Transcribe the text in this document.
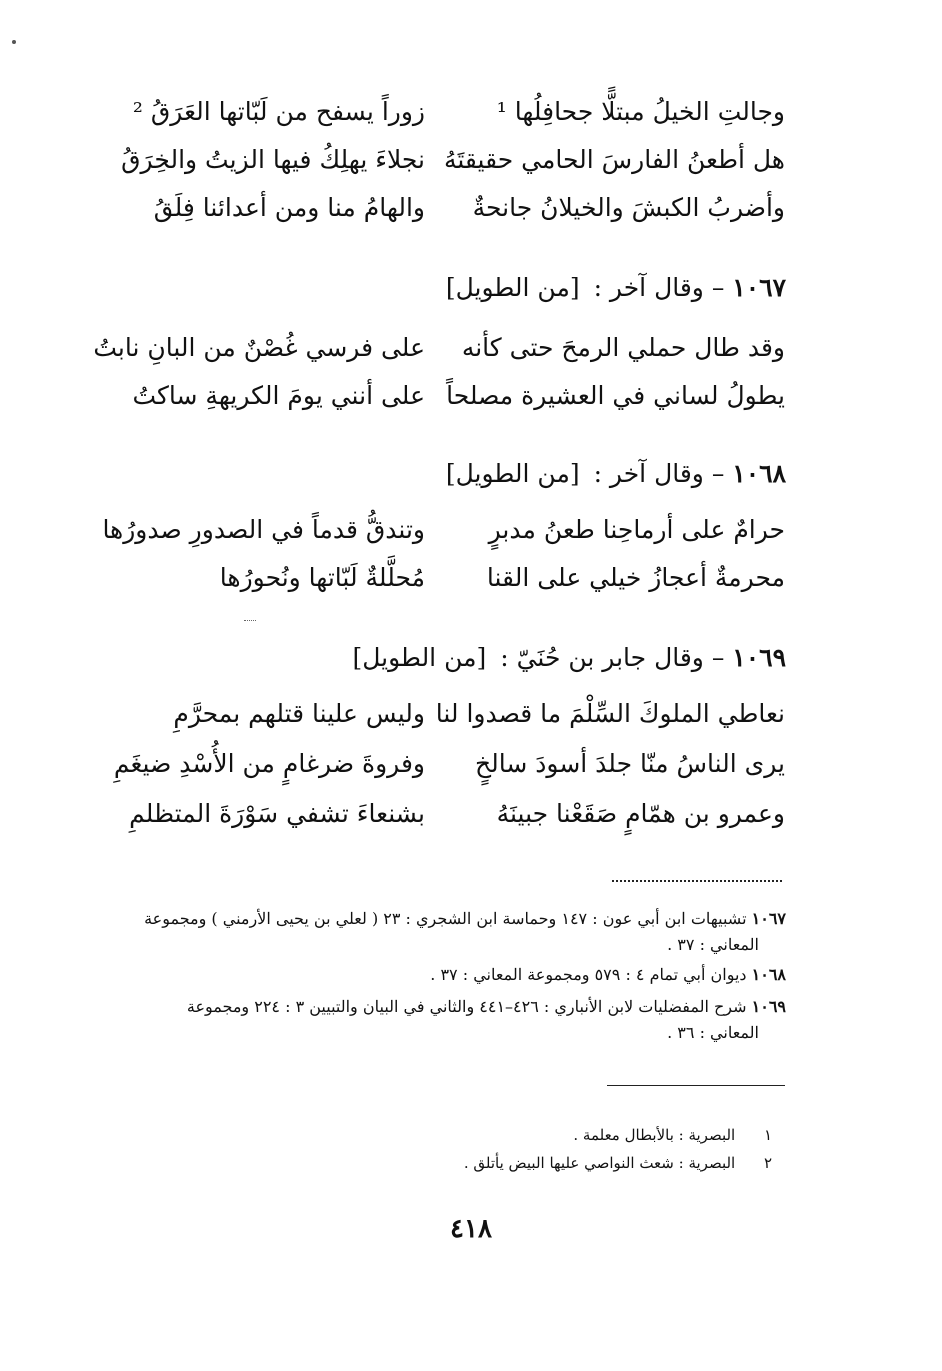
وجالتِ الخيلُ مبتلًّا جحافِلُها ¹
زوراً يسفح من لَبّاتها العَرَقُ ²
هل أطعنُ الفارسَ الحامي حقيقتَهُ
نجلاءَ يهلِكُ فيها الزيتُ والخِرَقُ
وأضربُ الكبشَ والخيلانُ جانحةٌ
والهامُ منا ومن أعدائنا فِلَقُ
١٠٦٧ – وقال آخر : [من الطويل]
وقد طال حملي الرمحَ حتى كأنه
على فرسي غُصْنٌ من البانِ نابتُ
يطولُ لساني في العشيرة مصلحاً
على أنني يومَ الكريهةِ ساكتُ
١٠٦٨ – وقال آخر : [من الطويل]
حرامٌ على أرماحِنا طعنُ مدبرٍ
وتندقُّ قدماً في الصدورِ صدورُها
محرمةٌ أعجازُ خيلي على القنا
مُحلَّلةٌ لَبّاتها ونُحورُها
١٠٦٩ – وقال جابر بن حُنَيّ : [من الطويل]
نعاطي الملوكَ السِّلْمَ ما قصدوا لنا
وليس علينا قتلهم بمحرَّمِ
يرى الناسُ منّا جلدَ أسودَ سالخٍ
وفروةَ ضرغامٍ من الأُسْدِ ضيغَمِ
وعمرو بن همّامٍ صَقَعْنا جبينَهُ
بشنعاءَ تشفي سَوْرَةَ المتظلمِ
١٠٦٧ تشبيهات ابن أبي عون : ١٤٧ وحماسة ابن الشجري : ٢٣ ( لعلي بن يحيى الأرمني ) ومجموعة
المعاني : ٣٧ .
١٠٦٨ ديوان أبي تمام ٤ : ٥٧٩ ومجموعة المعاني : ٣٧ .
١٠٦٩ شرح المفضليات لابن الأنباري : ٤٢٦–٤٤١ والثاني في البيان والتبيين ٣ : ٢٢٤ ومجموعة
المعاني : ٣٦ .
١ البصرية : بالأبطال معلمة .
٢ البصرية : شعث النواصي عليها البيض يأتلق .
٤١٨
